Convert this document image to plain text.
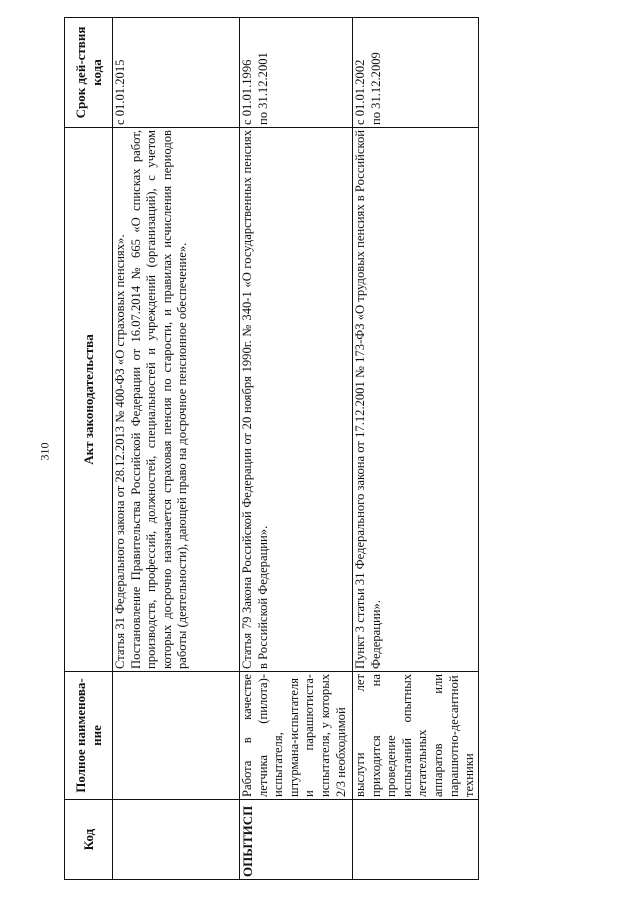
310
Код	Полное наименова-ние	Акт законодательства	Срок дей-ствия кода

		Статья 31 Федерального закона от 28.12.2013 № 400-ФЗ «О страховых пенсиях». Постановление Правительства Российской Федерации от 16.07.2014 № 665 «О списках работ, производств, профессий, должностей, специальностей и учреждений (организаций), с учетом которых досрочно назначается страховая пенсия по старости, и правилах исчисления периодов работы (деятельности), дающей право на досрочное пенсионное обеспечение».	с 01.01.2015

ОПЫТИСП	Работа в качестве летчика (пилота)-испытателя, штурмана-испытателя и парашютиста-испытателя, у которых 2/3 необходимой	Статья 79 Закона Российской Федерации от 20 ноября 1990г. № 340-1 «О государственных пенсиях в Российской Федерации».	с 01.01.1996 по 31.12.2001

	выслуги лет приходится на проведение испытаний опытных летательных аппаратов или парашютно-десантной техники	Пункт 3 статьи 31 Федерального закона от 17.12.2001 № 173-ФЗ «О трудовых пенсиях в Российской Федерации».	с 01.01.2002 по 31.12.2009
